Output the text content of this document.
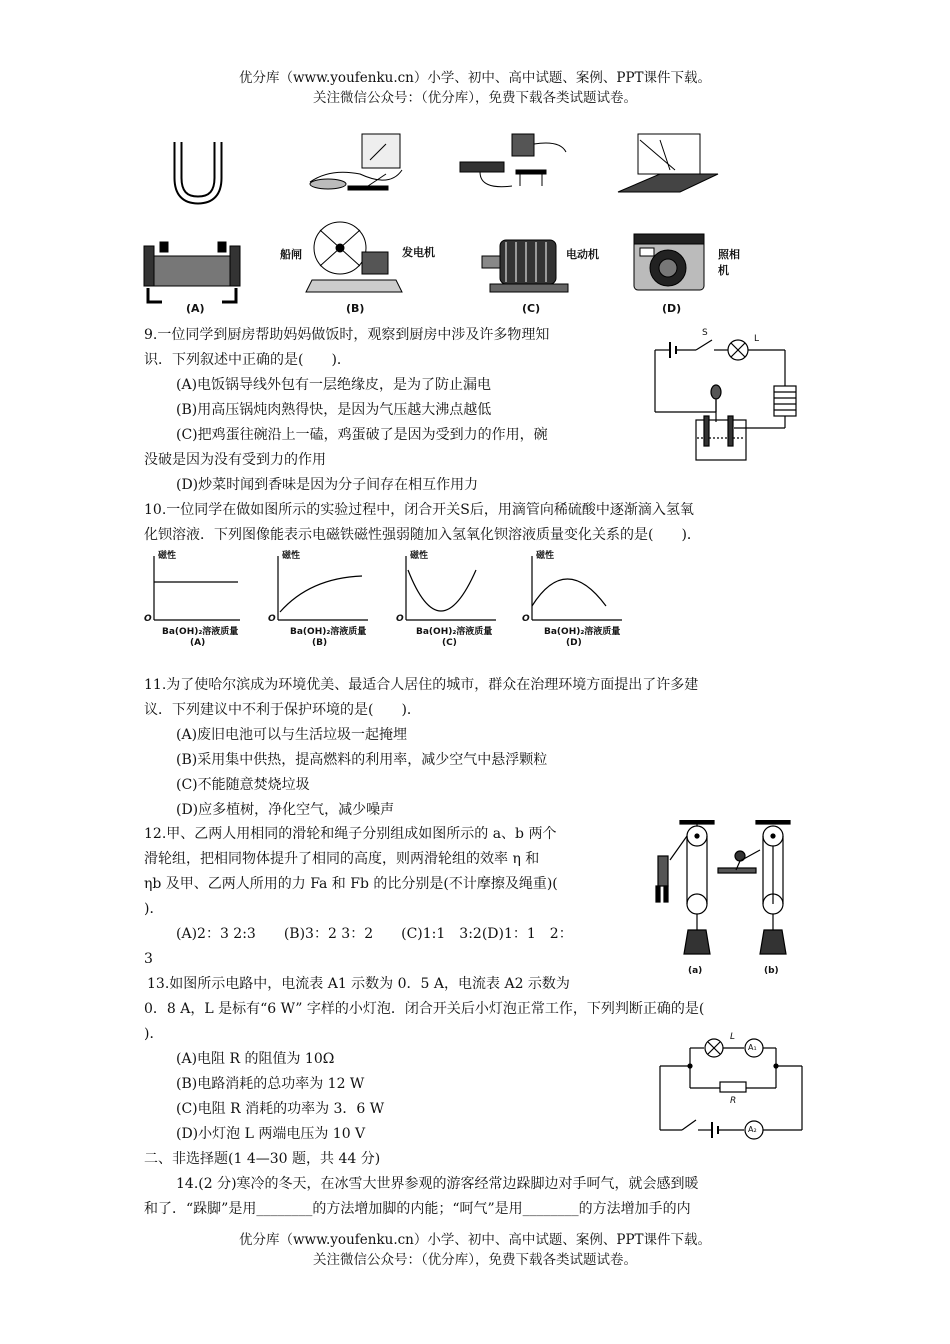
优分库（www.youfenku.cn）小学、初中、高中试题、案例、PPT课件下载。
关注微信公众号：（优分库），免费下载各类试题试卷。
船闸	发电机	电动机	照相机
(A)	(B)	(C)	(D)
9.一位同学到厨房帮助妈妈做饭时，观察到厨房中涉及许多物理知
识．下列叙述中正确的是(　　)．
(A)电饭锅导线外包有一层绝缘皮，是为了防止漏电
(B)用高压锅炖肉熟得快，是因为气压越大沸点越低
(C)把鸡蛋往碗沿上一磕，鸡蛋破了是因为受到力的作用，碗
没破是因为没有受到力的作用
(D)炒菜时闻到香味是因为分子间存在相互作用力
S
L
10.一位同学在做如图所示的实验过程中，闭合开关S后，用滴管向稀硫酸中逐渐滴入氢氧
化钡溶液．下列图像能表示电磁铁磁性强弱随加入氢氧化钡溶液质量变化关系的是(　　)．
磁性
O
Ba(OH)₂溶液质量
(A)
磁性
O
Ba(OH)₂溶液质量
(B)
磁性
O
Ba(OH)₂溶液质量
(C)
磁性
O
Ba(OH)₂溶液质量
(D)
11.为了使哈尔滨成为环境优美、最适合人居住的城市，群众在治理环境方面提出了许多建
议．下列建议中不利于保护环境的是(　　)．
(A)废旧电池可以与生活垃圾一起掩埋
(B)采用集中供热，提高燃料的利用率，减少空气中悬浮颗粒
(C)不能随意焚烧垃圾
(D)应多植树，净化空气，减少噪声
12.甲、乙两人用相同的滑轮和绳子分别组成如图所示的 a、b 两个
滑轮组，把相同物体提升了相同的高度，则两滑轮组的效率 η 和
ηb 及甲、乙两人所用的力 Fa 和 Fb 的比分别是(不计摩擦及绳重)(
)．
(A)2：3 2:3　　(B)3：2 3：2　　(C)1:1　3:2(D)1：1　2：
3
(a)	(b)
13.如图所示电路中，电流表 A1 示数为 0．5 A，电流表 A2 示数为
0．8 A，L 是标有“6 W” 字样的小灯泡．闭合开关后小灯泡正常工作，下列判断正确的是(
)．
(A)电阻 R 的阻值为 10Ω
(B)电路消耗的总功率为 12 W
(C)电阻 R 消耗的功率为 3．6 W
(D)小灯泡 L 两端电压为 10 V
L
A₁
R
A₂
二、非选择题(1 4—30 题，共 44 分)
14.(2 分)寒冷的冬天，在冰雪大世界参观的游客经常边跺脚边对手呵气，就会感到暖
和了．“跺脚”是用________的方法增加脚的内能；“呵气”是用________的方法增加手的内
优分库（www.youfenku.cn）小学、初中、高中试题、案例、PPT课件下载。
关注微信公众号：（优分库），免费下载各类试题试卷。
